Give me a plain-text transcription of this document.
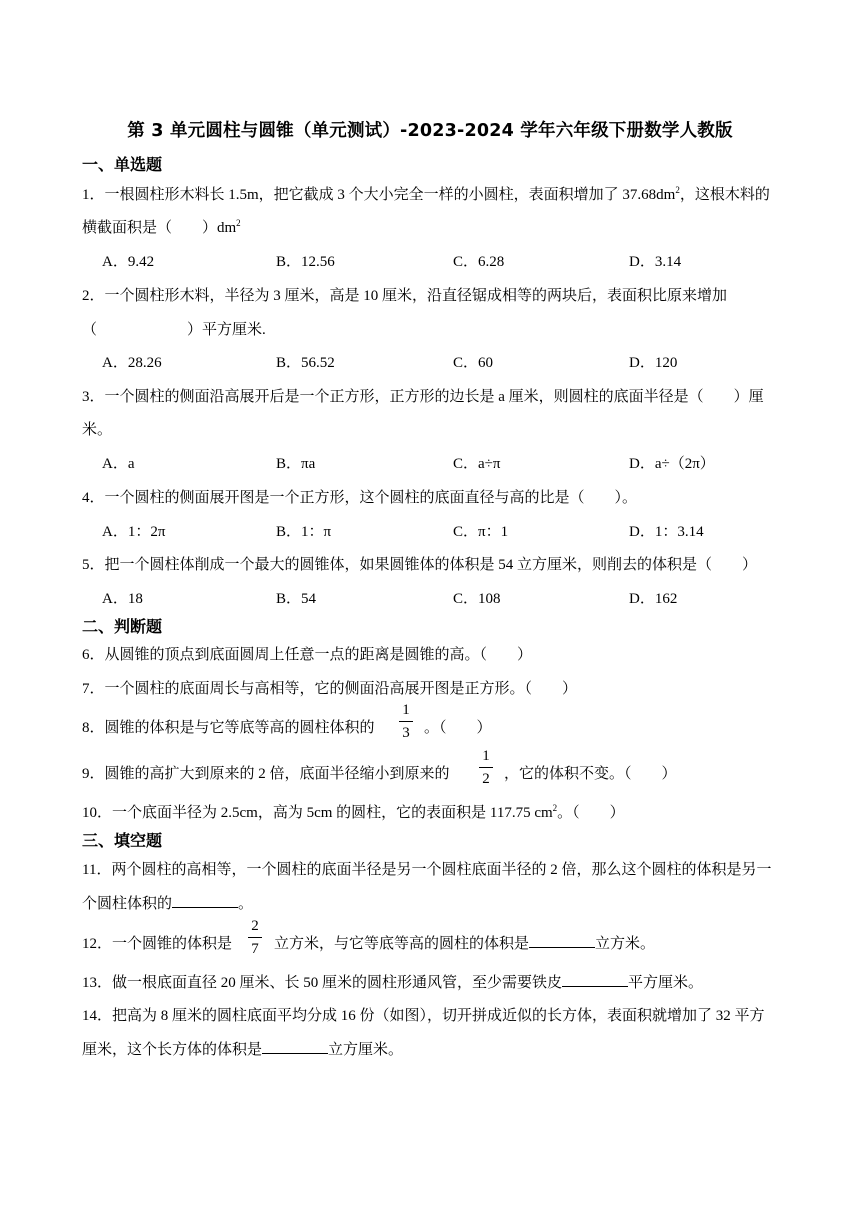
第 3 单元圆柱与圆锥（单元测试）-2023-2024 学年六年级下册数学人教版
一、单选题
1．一根圆柱形木料长 1.5m，把它截成 3 个大小完全一样的小圆柱，表面积增加了 $37.68dm^2$，这根木料的
横截面积是（　　）$dm^2$
A．9.42	B．12.56	C．6.28	D．3.14
2．一个圆柱形木料，半径为 3 厘米，高是 10 厘米，沿直径锯成相等的两块后，表面积比原来增加
（　　　　　　）平方厘米.
A．28.26	B．56.52	C．60	D．120
3．一个圆柱的侧面沿高展开后是一个正方形，正方形的边长是 a 厘米，则圆柱的底面半径是（　　）厘
米。
A．a	B．πa	C．a÷π	D．a÷（2π）
4．一个圆柱的侧面展开图是一个正方形，这个圆柱的底面直径与高的比是（　　）。
A．1：2π	B．1：π	C．π：1	D．1：3.14
5．把一个圆柱体削成一个最大的圆锥体，如果圆锥体的体积是 54 立方厘米，则削去的体积是（　　）
A．18	B．54	C．108	D．162
二、判断题
6．从圆锥的顶点到底面圆周上任意一点的距离是圆锥的高。（　　）
7．一个圆柱的底面周长与高相等，它的侧面沿高展开图是正方形。（　　）
8．圆锥的体积是与它等底等高的圆柱体积的
1
3 。（　　）
9．圆锥的高扩大到原来的 2 倍，底面半径缩小到原来的
1
2 ，它的体积不变。（　　）
10．一个底面半径为 2.5cm，高为 5cm 的圆柱，它的表面积是 117.75 $cm^2$。（　　）
三、填空题
11．两个圆柱的高相等，一个圆柱的底面半径是另一个圆柱底面半径的 2 倍，那么这个圆柱的体积是另一
个圆柱体积的	。
12．一个圆锥的体积是
2
7	立方米，与它等底等高的圆柱的体积是	立方米。
13．做一根底面直径 20 厘米、长 50 厘米的圆柱形通风管，至少需要铁皮	平方厘米。
14．把高为 8 厘米的圆柱底面平均分成 16 份（如图），切开拼成近似的长方体，表面积就增加了 32 平方
厘米，这个长方体的体积是	立方厘米。
